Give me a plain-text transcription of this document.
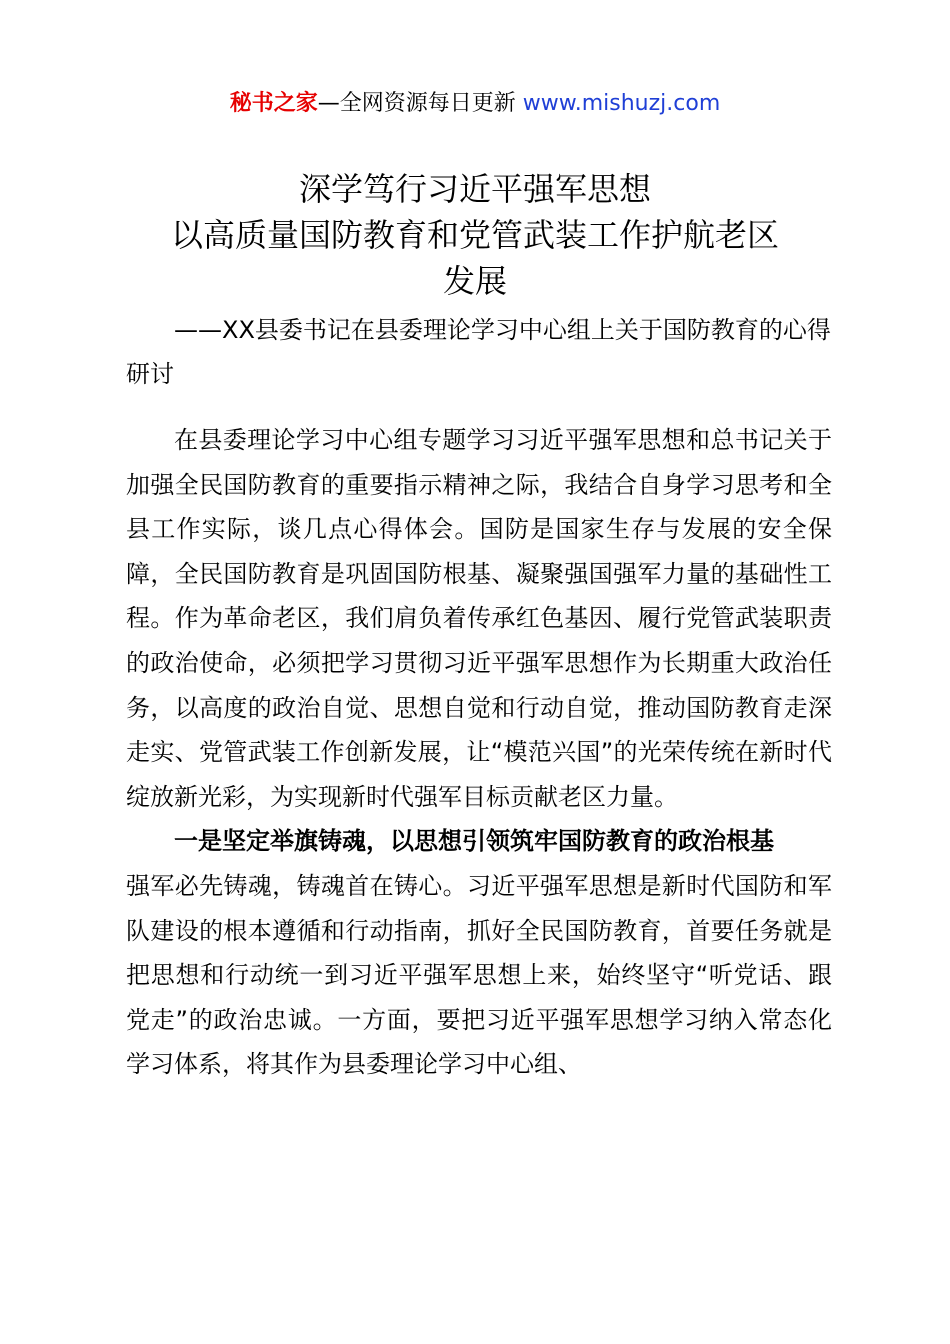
秘书之家—全网资源每日更新 www.mishuzj.com
深学笃行习近平强军思想
以高质量国防教育和党管武装工作护航老区
发展

——XX县委书记在县委理论学习中心组上关于国防教育的心得研讨

在县委理论学习中心组专题学习习近平强军思想和总书记关于加强全民国防教育的重要指示精神之际，我结合自身学习思考和全县工作实际，谈几点心得体会。国防是国家生存与发展的安全保障，全民国防教育是巩固国防根基、凝聚强国强军力量的基础性工程。作为革命老区，我们肩负着传承红色基因、履行党管武装职责的政治使命，必须把学习贯彻习近平强军思想作为长期重大政治任务，以高度的政治自觉、思想自觉和行动自觉，推动国防教育走深走实、党管武装工作创新发展，让“模范兴国”的光荣传统在新时代绽放新光彩，为实现新时代强军目标贡献老区力量。

一是坚定举旗铸魂，以思想引领筑牢国防教育的政治根基

强军必先铸魂，铸魂首在铸心。习近平强军思想是新时代国防和军队建设的根本遵循和行动指南，抓好全民国防教育，首要任务就是把思想和行动统一到习近平强军思想上来，始终坚守“听党话、跟党走”的政治忠诚。一方面，要把习近平强军思想学习纳入常态化学习体系，将其作为县委理论学习中心组、
